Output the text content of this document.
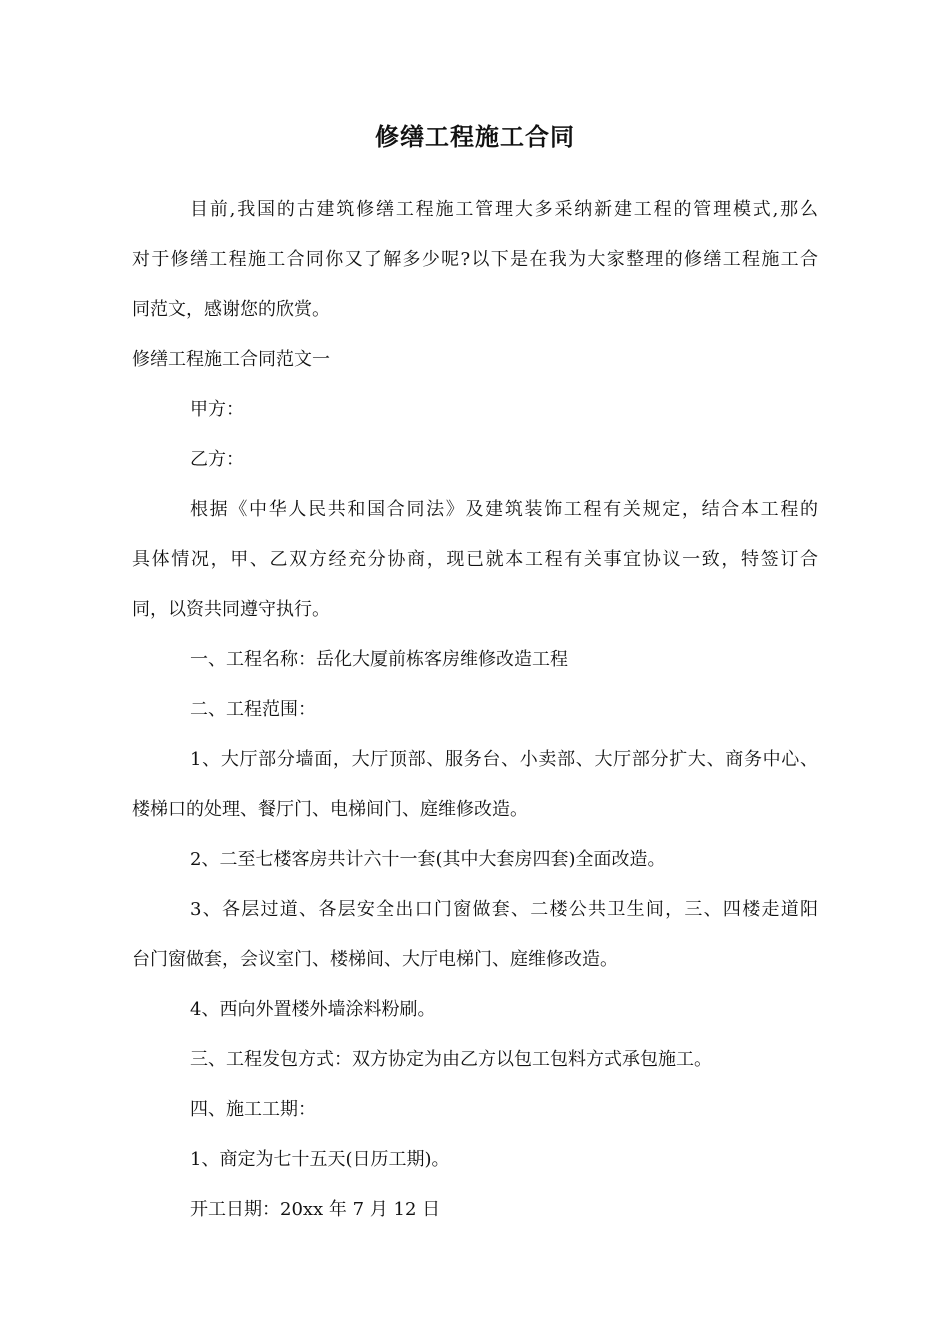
修缮工程施工合同
目前,我国的古建筑修缮工程施工管理大多采纳新建工程的管理模式,那么
对于修缮工程施工合同你又了解多少呢?以下是在我为大家整理的修缮工程施工合
同范文，感谢您的欣赏。
修缮工程施工合同范文一
甲方：
乙方：
根据《中华人民共和国合同法》及建筑装饰工程有关规定，结合本工程的
具体情况，甲、乙双方经充分协商，现已就本工程有关事宜协议一致，特签订合
同，以资共同遵守执行。
一、工程名称：岳化大厦前栋客房维修改造工程
二、工程范围：
1、大厅部分墙面，大厅顶部、服务台、小卖部、大厅部分扩大、商务中心、
楼梯口的处理、餐厅门、电梯间门、庭维修改造。
2、二至七楼客房共计六十一套(其中大套房四套)全面改造。
3、各层过道、各层安全出口门窗做套、二楼公共卫生间，三、四楼走道阳
台门窗做套，会议室门、楼梯间、大厅电梯门、庭维修改造。
4、西向外置楼外墙涂料粉刷。
三、工程发包方式：双方协定为由乙方以包工包料方式承包施工。
四、施工工期：
1、商定为七十五天(日历工期)。
开工日期：20xx 年 7 月 12 日
